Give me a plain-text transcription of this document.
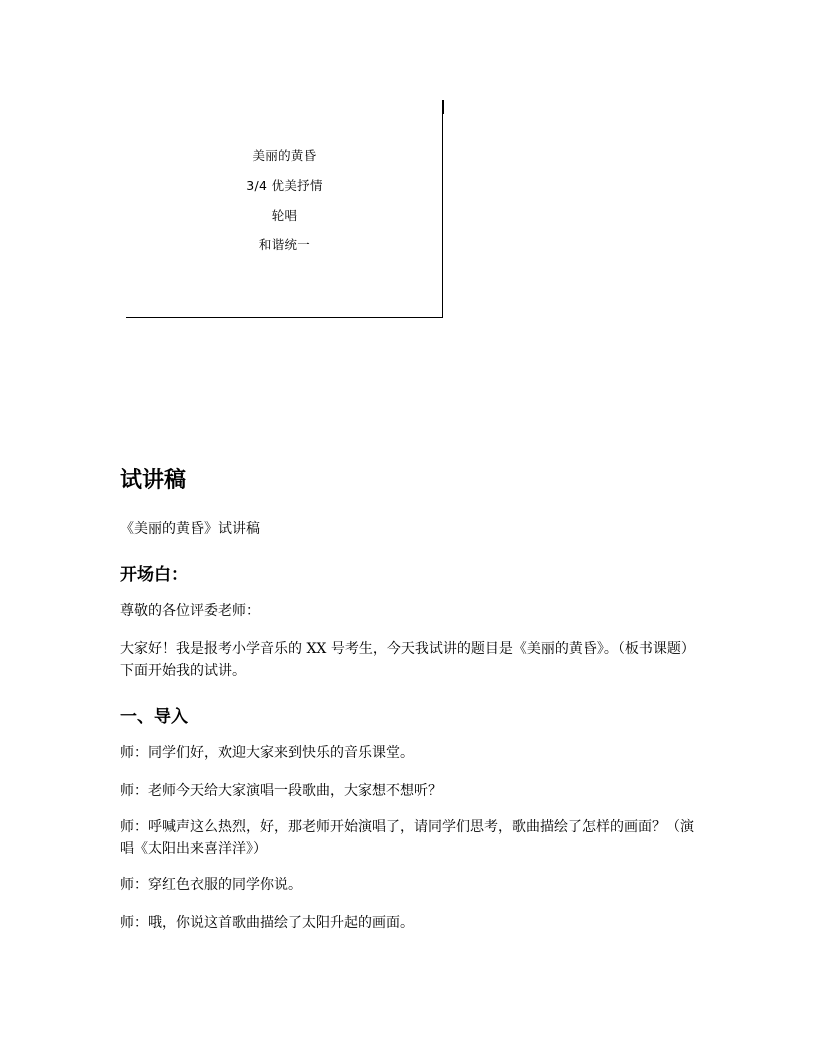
美丽的黄昏
3/4 优美抒情
轮唱
和谐统一
试讲稿
《美丽的黄昏》试讲稿
开场白：
尊敬的各位评委老师：
大家好！我是报考小学音乐的 XX 号考生，今天我试讲的题目是《美丽的黄昏》。（板书课题）下面开始我的试讲。
一、导入
师：同学们好，欢迎大家来到快乐的音乐课堂。
师：老师今天给大家演唱一段歌曲，大家想不想听？
师：呼喊声这么热烈，好，那老师开始演唱了，请同学们思考，歌曲描绘了怎样的画面？（演唱《太阳出来喜洋洋》）
师：穿红色衣服的同学你说。
师：哦，你说这首歌曲描绘了太阳升起的画面。
